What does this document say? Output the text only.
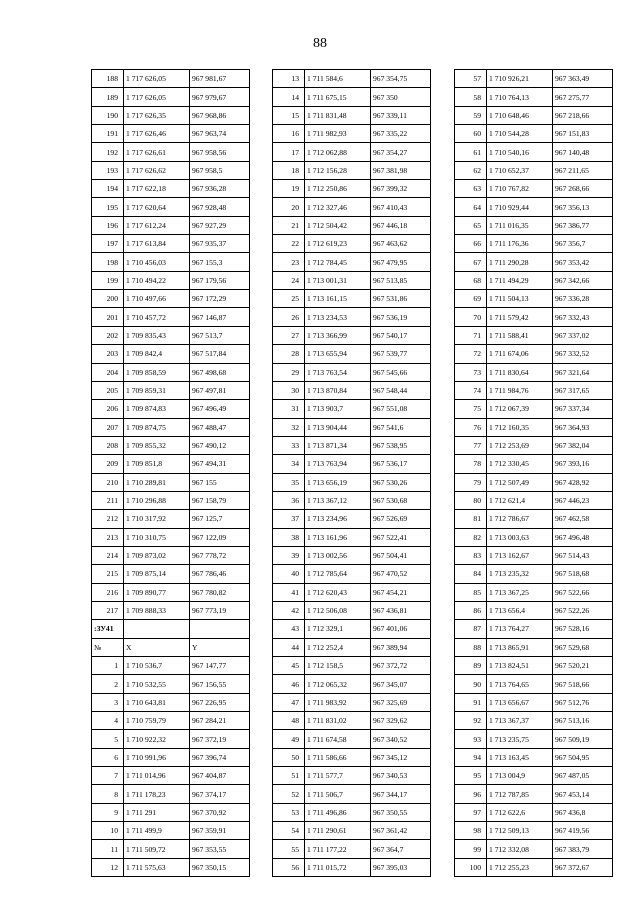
88
188	1 717 626,05	967 981,67
189	1 717 626,05	967 979,67
190	1 717 626,35	967 968,86
191	1 717 626,46	967 963,74
192	1 717 626,61	967 958,56
193	1 717 626,62	967 958,5
194	1 717 622,18	967 936,28
195	1 717 620,64	967 928,48
196	1 717 612,24	967 927,29
197	1 717 613,84	967 935,37
198	1 710 456,03	967 155,3
199	1 710 494,22	967 179,56
200	1 710 497,66	967 172,29
201	1 710 457,72	967 146,87
202	1 709 835,43	967 513,7
203	1 709 842,4	967 517,84
204	1 709 858,59	967 498,68
205	1 709 859,31	967 497,81
206	1 709 874,83	967 496,49
207	1 709 874,75	967 488,47
208	1 709 855,32	967 490,12
209	1 709 851,8	967 494,31
210	1 710 289,81	967 155
211	1 710 296,88	967 158,79
212	1 710 317,92	967 125,7
213	1 710 310,75	967 122,09
214	1 709 873,02	967 778,72
215	1 709 875,14	967 786,46
216	1 709 890,77	967 780,82
217	1 709 888,33	967 773,19
:ЗУ41		
№	X	Y
1	1 710 536,7	967 147,77
2	1 710 532,55	967 156,55
3	1 710 643,81	967 226,95
4	1 710 759,79	967 284,21
5	1 710 922,32	967 372,19
6	1 710 991,96	967 396,74
7	1 711 014,96	967 404,87
8	1 711 178,23	967 374,17
9	1 711 291	967 370,92
10	1 711 499,9	967 359,91
11	1 711 509,72	967 353,55
12	1 711 575,63	967 350,15
13	1 711 584,6	967 354,75
14	1 711 675,15	967 350
15	1 711 831,48	967 339,11
16	1 711 982,93	967 335,22
17	1 712 062,88	967 354,27
18	1 712 156,28	967 381,98
19	1 712 250,86	967 399,32
20	1 712 327,46	967 410,43
21	1 712 504,42	967 446,18
22	1 712 619,23	967 463,62
23	1 712 784,45	967 479,95
24	1 713 001,31	967 513,85
25	1 713 161,15	967 531,86
26	1 713 234,53	967 536,19
27	1 713 366,99	967 540,17
28	1 713 655,94	967 539,77
29	1 713 763,54	967 545,66
30	1 713 870,84	967 548,44
31	1 713 903,7	967 551,08
32	1 713 904,44	967 541,6
33	1 713 871,34	967 538,95
34	1 713 763,94	967 536,17
35	1 713 656,19	967 530,26
36	1 713 367,12	967 530,68
37	1 713 234,96	967 526,69
38	1 713 161,96	967 522,41
39	1 713 002,56	967 504,41
40	1 712 785,64	967 470,52
41	1 712 620,43	967 454,21
42	1 712 506,08	967 436,81
43	1 712 329,1	967 401,06
44	1 712 252,4	967 389,94
45	1 712 158,5	967 372,72
46	1 712 065,32	967 345,07
47	1 711 983,92	967 325,69
48	1 711 831,02	967 329,62
49	1 711 674,58	967 340,52
50	1 711 586,66	967 345,12
51	1 711 577,7	967 340,53
52	1 711 506,7	967 344,17
53	1 711 496,86	967 350,55
54	1 711 290,61	967 361,42
55	1 711 177,22	967 364,7
56	1 711 015,72	967 395,03
57	1 710 926,21	967 363,49
58	1 710 764,13	967 275,77
59	1 710 648,46	967 218,66
60	1 710 544,28	967 151,83
61	1 710 540,16	967 140,48
62	1 710 652,37	967 211,65
63	1 710 767,82	967 268,66
64	1 710 929,44	967 356,13
65	1 711 016,35	967 386,77
66	1 711 176,36	967 356,7
67	1 711 290,28	967 353,42
68	1 711 494,29	967 342,66
69	1 711 504,13	967 336,28
70	1 711 579,42	967 332,43
71	1 711 588,41	967 337,02
72	1 711 674,06	967 332,52
73	1 711 830,64	967 321,64
74	1 711 984,76	967 317,65
75	1 712 067,39	967 337,34
76	1 712 160,35	967 364,93
77	1 712 253,69	967 382,04
78	1 712 330,45	967 393,16
79	1 712 507,49	967 428,92
80	1 712 621,4	967 446,23
81	1 712 786,67	967 462,58
82	1 713 003,63	967 496,48
83	1 713 162,67	967 514,43
84	1 713 235,32	967 518,68
85	1 713 367,25	967 522,66
86	1 713 656,4	967 522,26
87	1 713 764,27	967 528,16
88	1 713 865,91	967 529,68
89	1 713 824,51	967 520,21
90	1 713 764,65	967 518,66
91	1 713 656,67	967 512,76
92	1 713 367,37	967 513,16
93	1 713 235,75	967 509,19
94	1 713 163,45	967 504,95
95	1 713 004,9	967 487,05
96	1 712 787,85	967 453,14
97	1 712 622,6	967 436,8
98	1 712 509,13	967 419,56
99	1 712 332,08	967 383,79
100	1 712 255,23	967 372,67
